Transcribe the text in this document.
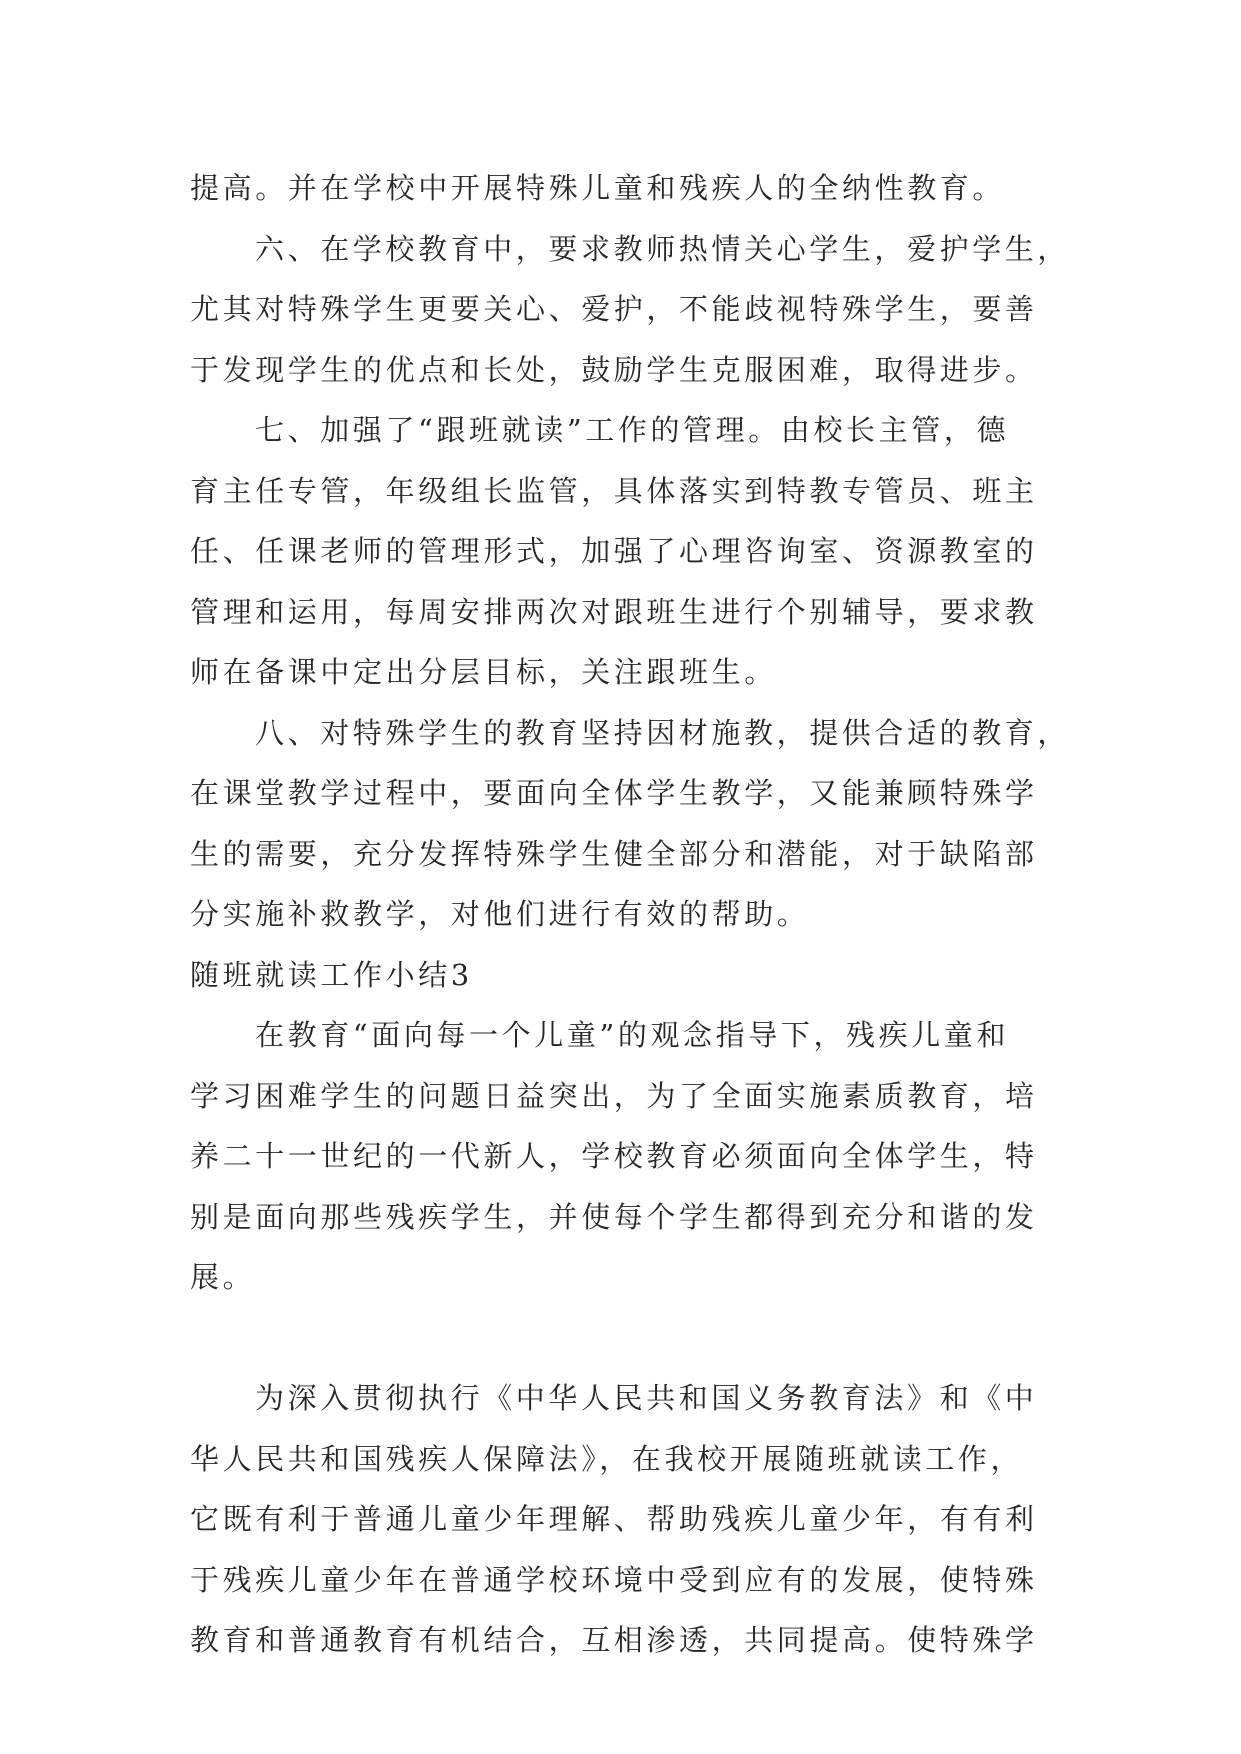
提高。并在学校中开展特殊儿童和残疾人的全纳性教育。
六、在学校教育中，要求教师热情关心学生，爱护学生，
尤其对特殊学生更要关心、爱护，不能歧视特殊学生，要善
于发现学生的优点和长处，鼓励学生克服困难，取得进步。
七、加强了“跟班就读”工作的管理。由校长主管，德
育主任专管，年级组长监管，具体落实到特教专管员、班主
任、任课老师的管理形式，加强了心理咨询室、资源教室的
管理和运用，每周安排两次对跟班生进行个别辅导，要求教
师在备课中定出分层目标，关注跟班生。
八、对特殊学生的教育坚持因材施教，提供合适的教育，
在课堂教学过程中，要面向全体学生教学，又能兼顾特殊学
生的需要，充分发挥特殊学生健全部分和潜能，对于缺陷部
分实施补救教学，对他们进行有效的帮助。
随班就读工作小结3
在教育“面向每一个儿童”的观念指导下，残疾儿童和
学习困难学生的问题日益突出，为了全面实施素质教育，培
养二十一世纪的一代新人，学校教育必须面向全体学生，特
别是面向那些残疾学生，并使每个学生都得到充分和谐的发
展。
为深入贯彻执行《中华人民共和国义务教育法》和《中
华人民共和国残疾人保障法》，在我校开展随班就读工作，
它既有利于普通儿童少年理解、帮助残疾儿童少年，有有利
于残疾儿童少年在普通学校环境中受到应有的发展，使特殊
教育和普通教育有机结合，互相渗透，共同提高。使特殊学
